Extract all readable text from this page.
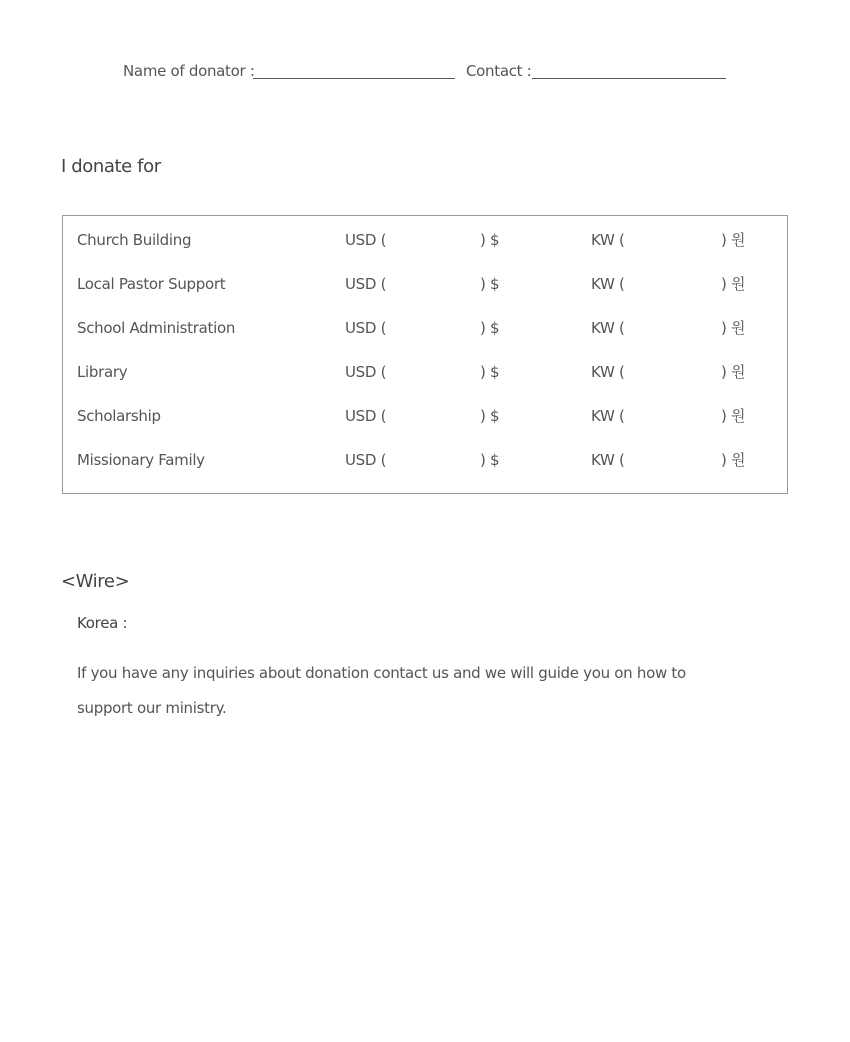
Name of donator :	Contact :
I donate for
Church Building	USD (	) $	KW (	) 원
Local Pastor Support	USD (	) $	KW (	) 원
School Administration	USD (	) $	KW (	) 원
Library	USD (	) $	KW (	) 원
Scholarship	USD (	) $	KW (	) 원
Missionary Family	USD (	) $	KW (	) 원
<Wire>
Korea :
If you have any inquiries about donation contact us and we will guide you on how to support our ministry.
